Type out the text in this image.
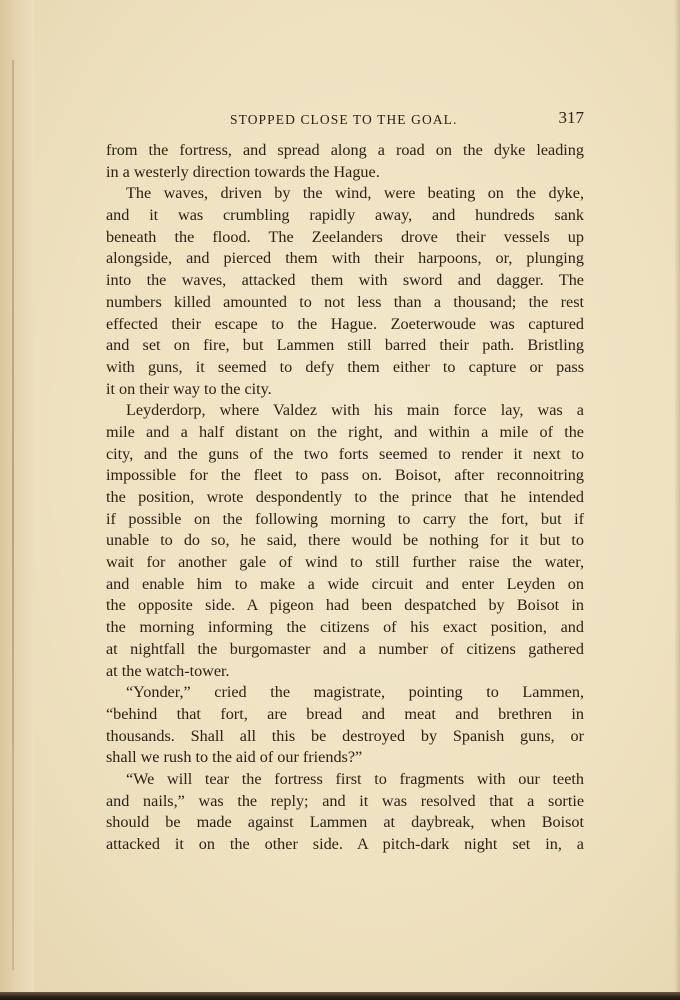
STOPPED CLOSE TO THE GOAL.	317
from the fortress, and spread along a road on the dyke leading
in a westerly direction towards the Hague.
The waves, driven by the wind, were beating on the dyke,
and it was crumbling rapidly away, and hundreds sank
beneath the flood. The Zeelanders drove their vessels up
alongside, and pierced them with their harpoons, or, plunging
into the waves, attacked them with sword and dagger. The
numbers killed amounted to not less than a thousand; the rest
effected their escape to the Hague. Zoeterwoude was captured
and set on fire, but Lammen still barred their path. Bristling
with guns, it seemed to defy them either to capture or pass
it on their way to the city.
Leyderdorp, where Valdez with his main force lay, was a
mile and a half distant on the right, and within a mile of the
city, and the guns of the two forts seemed to render it next to
impossible for the fleet to pass on. Boisot, after reconnoitring
the position, wrote despondently to the prince that he intended
if possible on the following morning to carry the fort, but if
unable to do so, he said, there would be nothing for it but to
wait for another gale of wind to still further raise the water,
and enable him to make a wide circuit and enter Leyden on
the opposite side. A pigeon had been despatched by Boisot in
the morning informing the citizens of his exact position, and
at nightfall the burgomaster and a number of citizens gathered
at the watch-tower.
“Yonder,” cried the magistrate, pointing to Lammen,
“behind that fort, are bread and meat and brethren in
thousands. Shall all this be destroyed by Spanish guns, or
shall we rush to the aid of our friends?”
“We will tear the fortress first to fragments with our teeth
and nails,” was the reply; and it was resolved that a sortie
should be made against Lammen at daybreak, when Boisot
attacked it on the other side. A pitch-dark night set in, a
